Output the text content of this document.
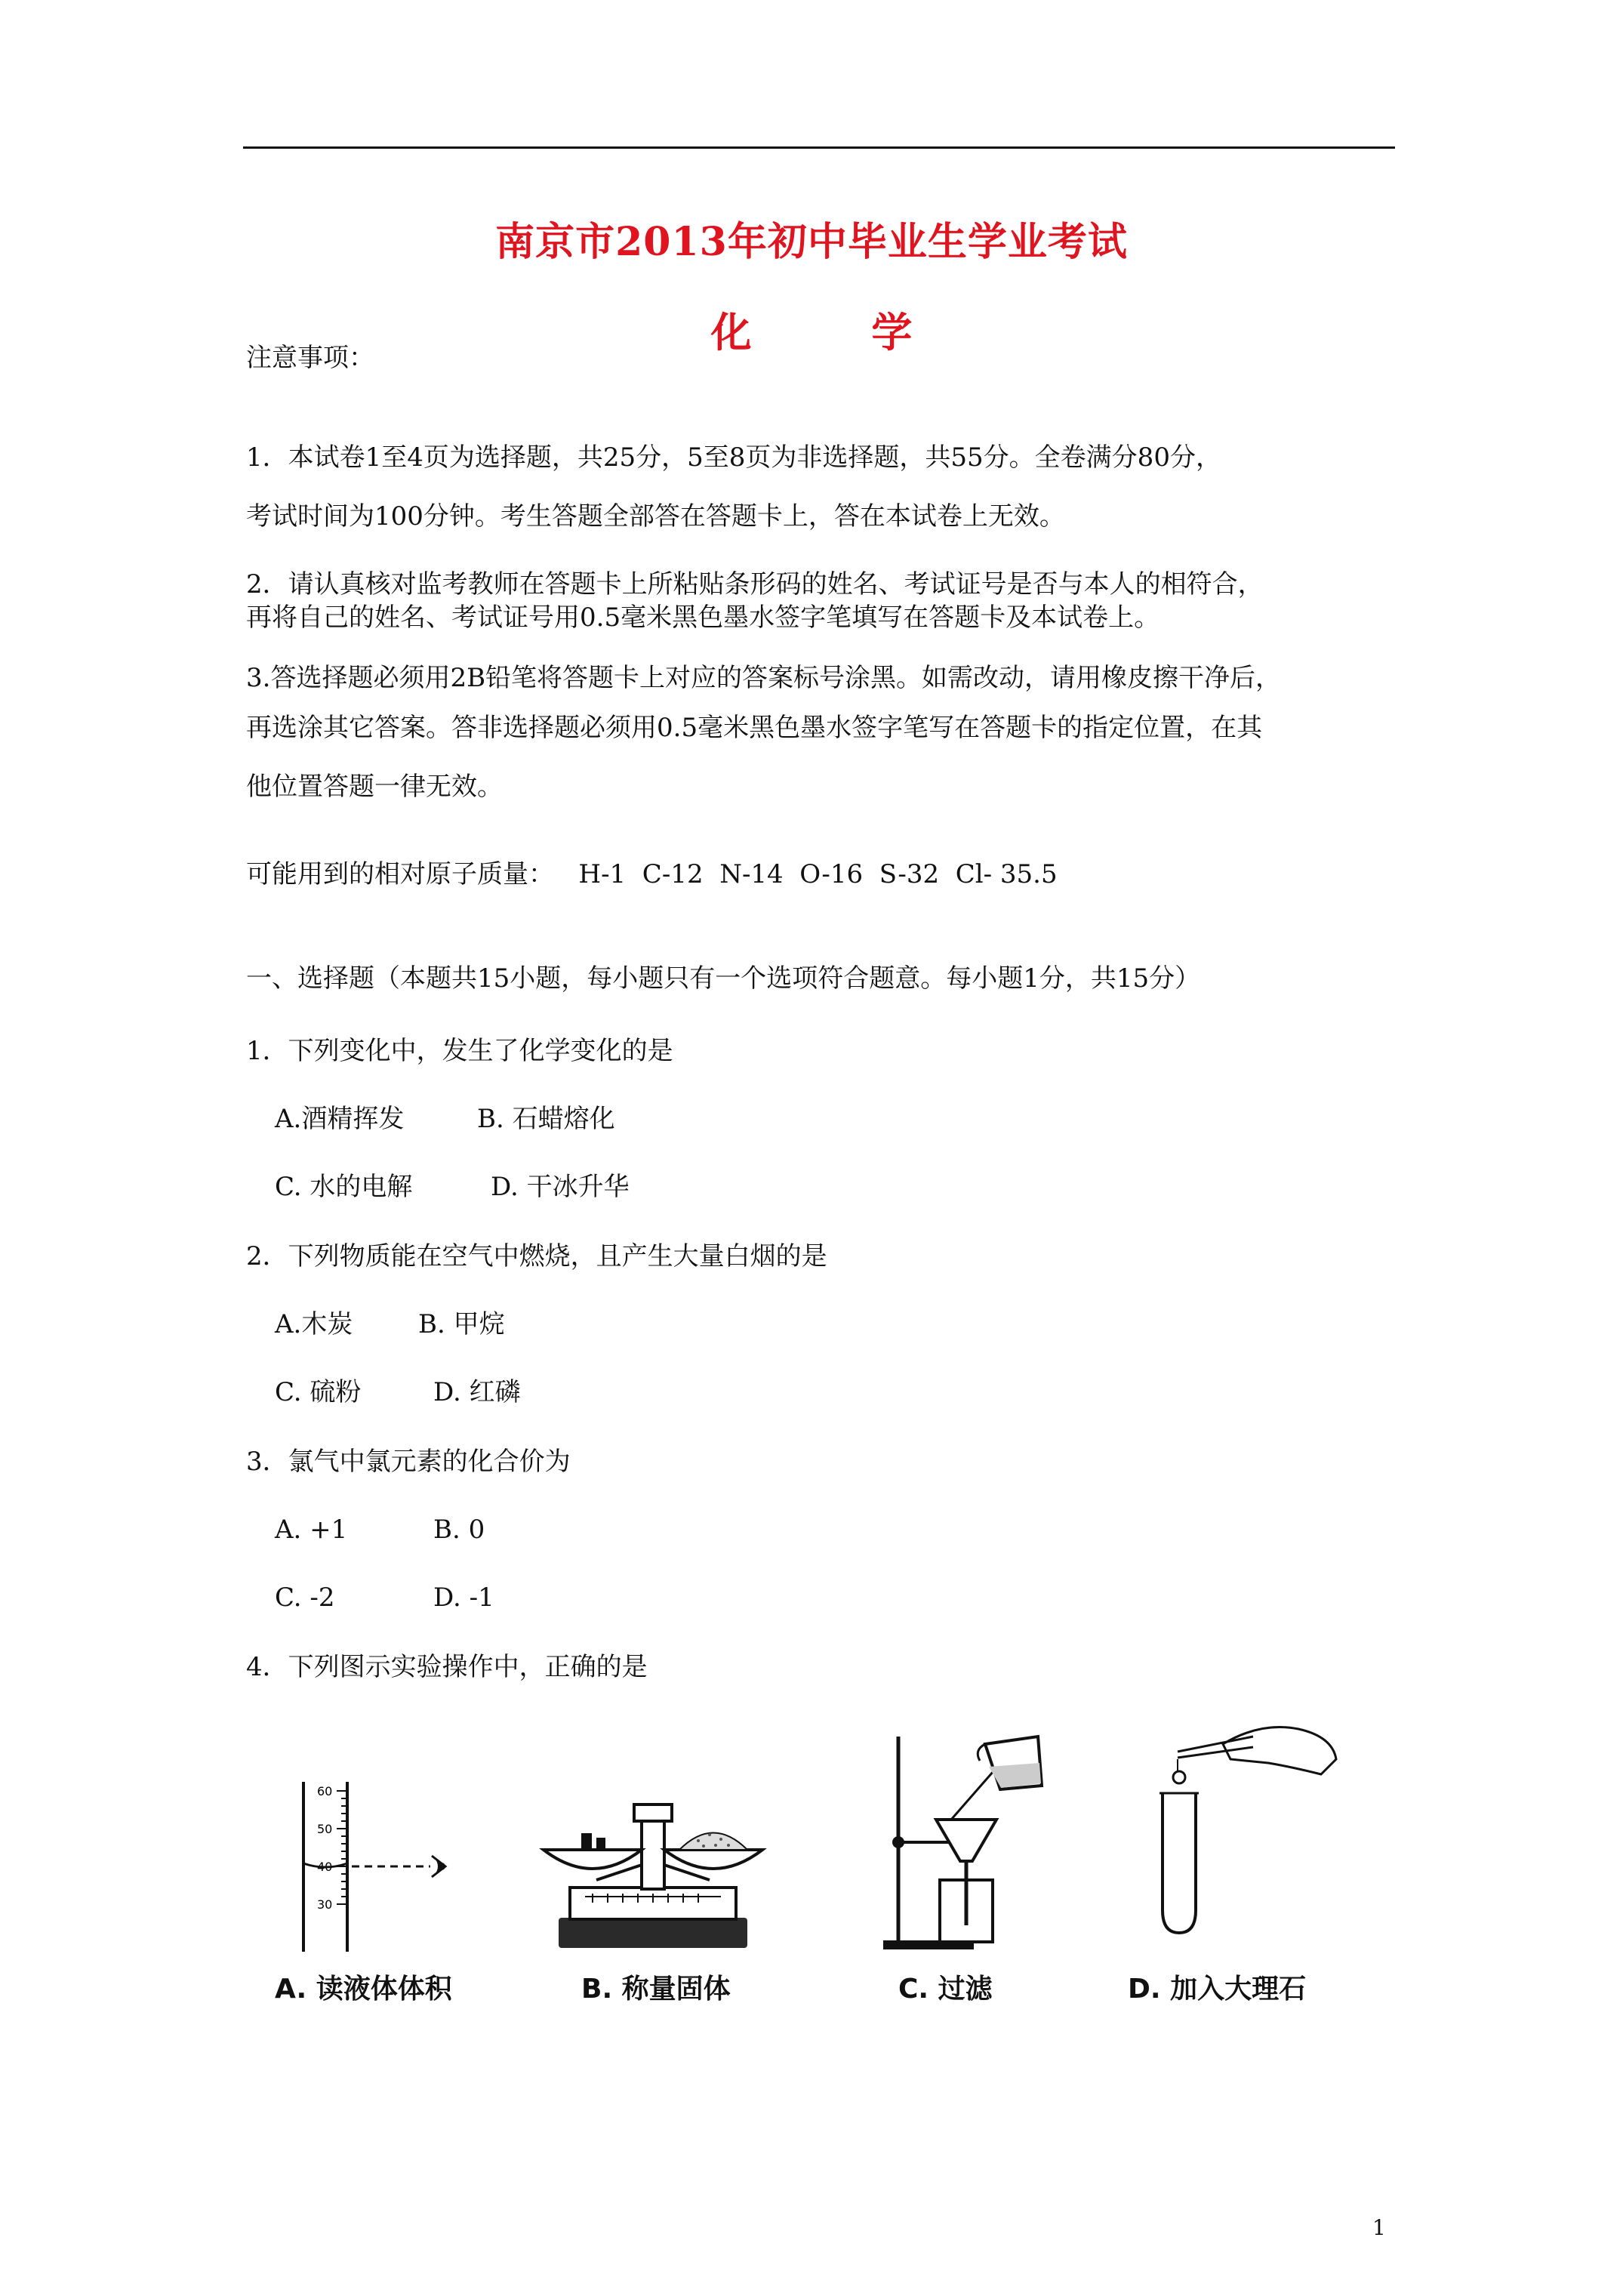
南京市2013年初中毕业生学业考试
化 学
注意事项：
1．本试卷1至4页为选择题，共25分，5至8页为非选择题，共55分。全卷满分80分，
考试时间为100分钟。考生答题全部答在答题卡上，答在本试卷上无效。
2．请认真核对监考教师在答题卡上所粘贴条形码的姓名、考试证号是否与本人的相符合，
再将自己的姓名、考试证号用0.5毫米黑色墨水签字笔填写在答题卡及本试卷上。
3.答选择题必须用2B铅笔将答题卡上对应的答案标号涂黑。如需改动，请用橡皮擦干净后，
再选涂其它答案。答非选择题必须用0.5毫米黑色墨水签字笔写在答题卡的指定位置，在其
他位置答题一律无效。
可能用到的相对原子质量：   H-1  C-12  N-14  O-16  S-32  Cl- 35.5
一、选择题（本题共15小题，每小题只有一个选项符合题意。每小题1分，共15分）
1．下列变化中，发生了化学变化的是
A.酒精挥发	B. 石蜡熔化
C. 水的电解	D. 干冰升华
2．下列物质能在空气中燃烧，且产生大量白烟的是
A.木炭	B. 甲烷
C. 硫粉	D. 红磷
3．氯气中氯元素的化合价为
A. +1	B. 0
C. -2	D. -1
4．下列图示实验操作中，正确的是
60
50
40
30
A. 读液体体积	B. 称量固体	C. 过滤	D. 加入大理石
1
